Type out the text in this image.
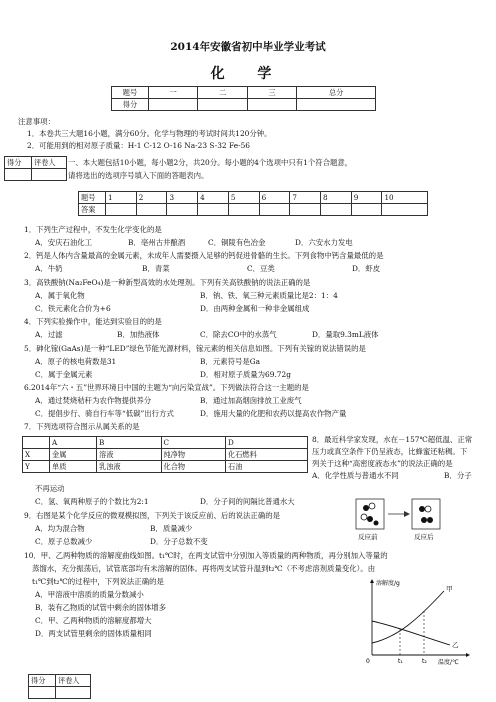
2014年安徽省初中毕业学业考试
化 学
题号	一	二	三	总分
得分				
注意事项：
1．本卷共三大题16小题，满分60分。化学与物理的考试时间共120分钟。
2．可能用到的相对原子质量：H-1 C-12 O-16 Na-23 S-32 Fe-56
得分	评卷人
	一、本大题包括10小题，每小题2分，共20分。每小题的4个选项中只有1个符合题意，
请将选出的选项序号填入下面的答题表内。
题号	1	2	3	4	5	6	7	8	9	10
答案										
1．下列生产过程中，不发生化学变化的是
A．安庆石油化工	B．亳州古井酿酒	C．铜陵有色冶金	D．六安水力发电
2．钙是人体内含量最高的金属元素，未成年人需要摄入足够的钙促进骨骼的生长。下列食物中钙含量最低的是
A．牛奶	B．青菜	C．豆类	D．虾皮
3．高铁酸钠(Na₂FeO₄)是一种新型高效的水处理剂。下列有关高铁酸钠的说法正确的是
A．属于氧化物	B．钠、铁、氧三种元素质量比是2：1：4
C．铁元素化合价为+6	D．由两种金属和一种非金属组成
4．下列实验操作中，能达到实验目的的是
A．过滤	B．加热液体	C．除去CO中的水蒸气	D．量取9.3mL液体
5．砷化镓(GaAs)是一种“LED”绿色节能光源材料，镓元素的相关信息如图。下列有关镓的说法错误的是
A．原子的核电荷数是31	B．元素符号是Ga
C．属于金属元素	D．相对原子质量为69.72g
6.2014年“六・五”世界环境日中国的主题为“向污染宣战”。下列做法符合这一主题的是
A．通过焚烧秸秆为农作物提供养分	B．通过加高烟囱排放工业废气
C．提倡步行、骑自行车等“低碳”出行方式	D．施用大量的化肥和农药以提高农作物产量
7．下列选项符合图示从属关系的是
	A	B	C	D
X	金属	溶液	纯净物	化石燃料
Y	单质	乳浊液	化合物	石油
8．最近科学家发现，水在－157℃超低温、正常
压力或真空条件下仍呈液态，比蜂蜜还粘稠。下
列关于这种“高密度液态水”的说法正确的是
A．化学性质与普通水不同	B．分子
不再运动
C．氢、氧两种原子的个数比为2:1	D．分子间的间隔比普通水大
9．右图是某个化学反应的微观模拟图，下列关于该反应前、后的说法正确的是
A．均为混合物	B．质量减少
C．原子总数减少	D．分子总数不变	反应前	反应后
10．甲、乙两种物质的溶解度曲线如图。t₁℃时，在两支试管中分别加入等质量的两种物质，再分别加入等量的
蒸馏水，充分振荡后，试管底部均有未溶解的固体。再将两支试管升温到t₂℃（不考虑溶剂质量变化）。由
t₁℃到t₂℃的过程中，下列说法正确的是
A．甲溶液中溶质的质量分数减小
B．装有乙物质的试管中剩余的固体增多
C．甲、乙两种物质的溶解度都增大
D．两支试管里剩余的固体质量相同
溶解度/g
温度/℃
0	t₁	t₂
甲
乙
得分	评卷人
